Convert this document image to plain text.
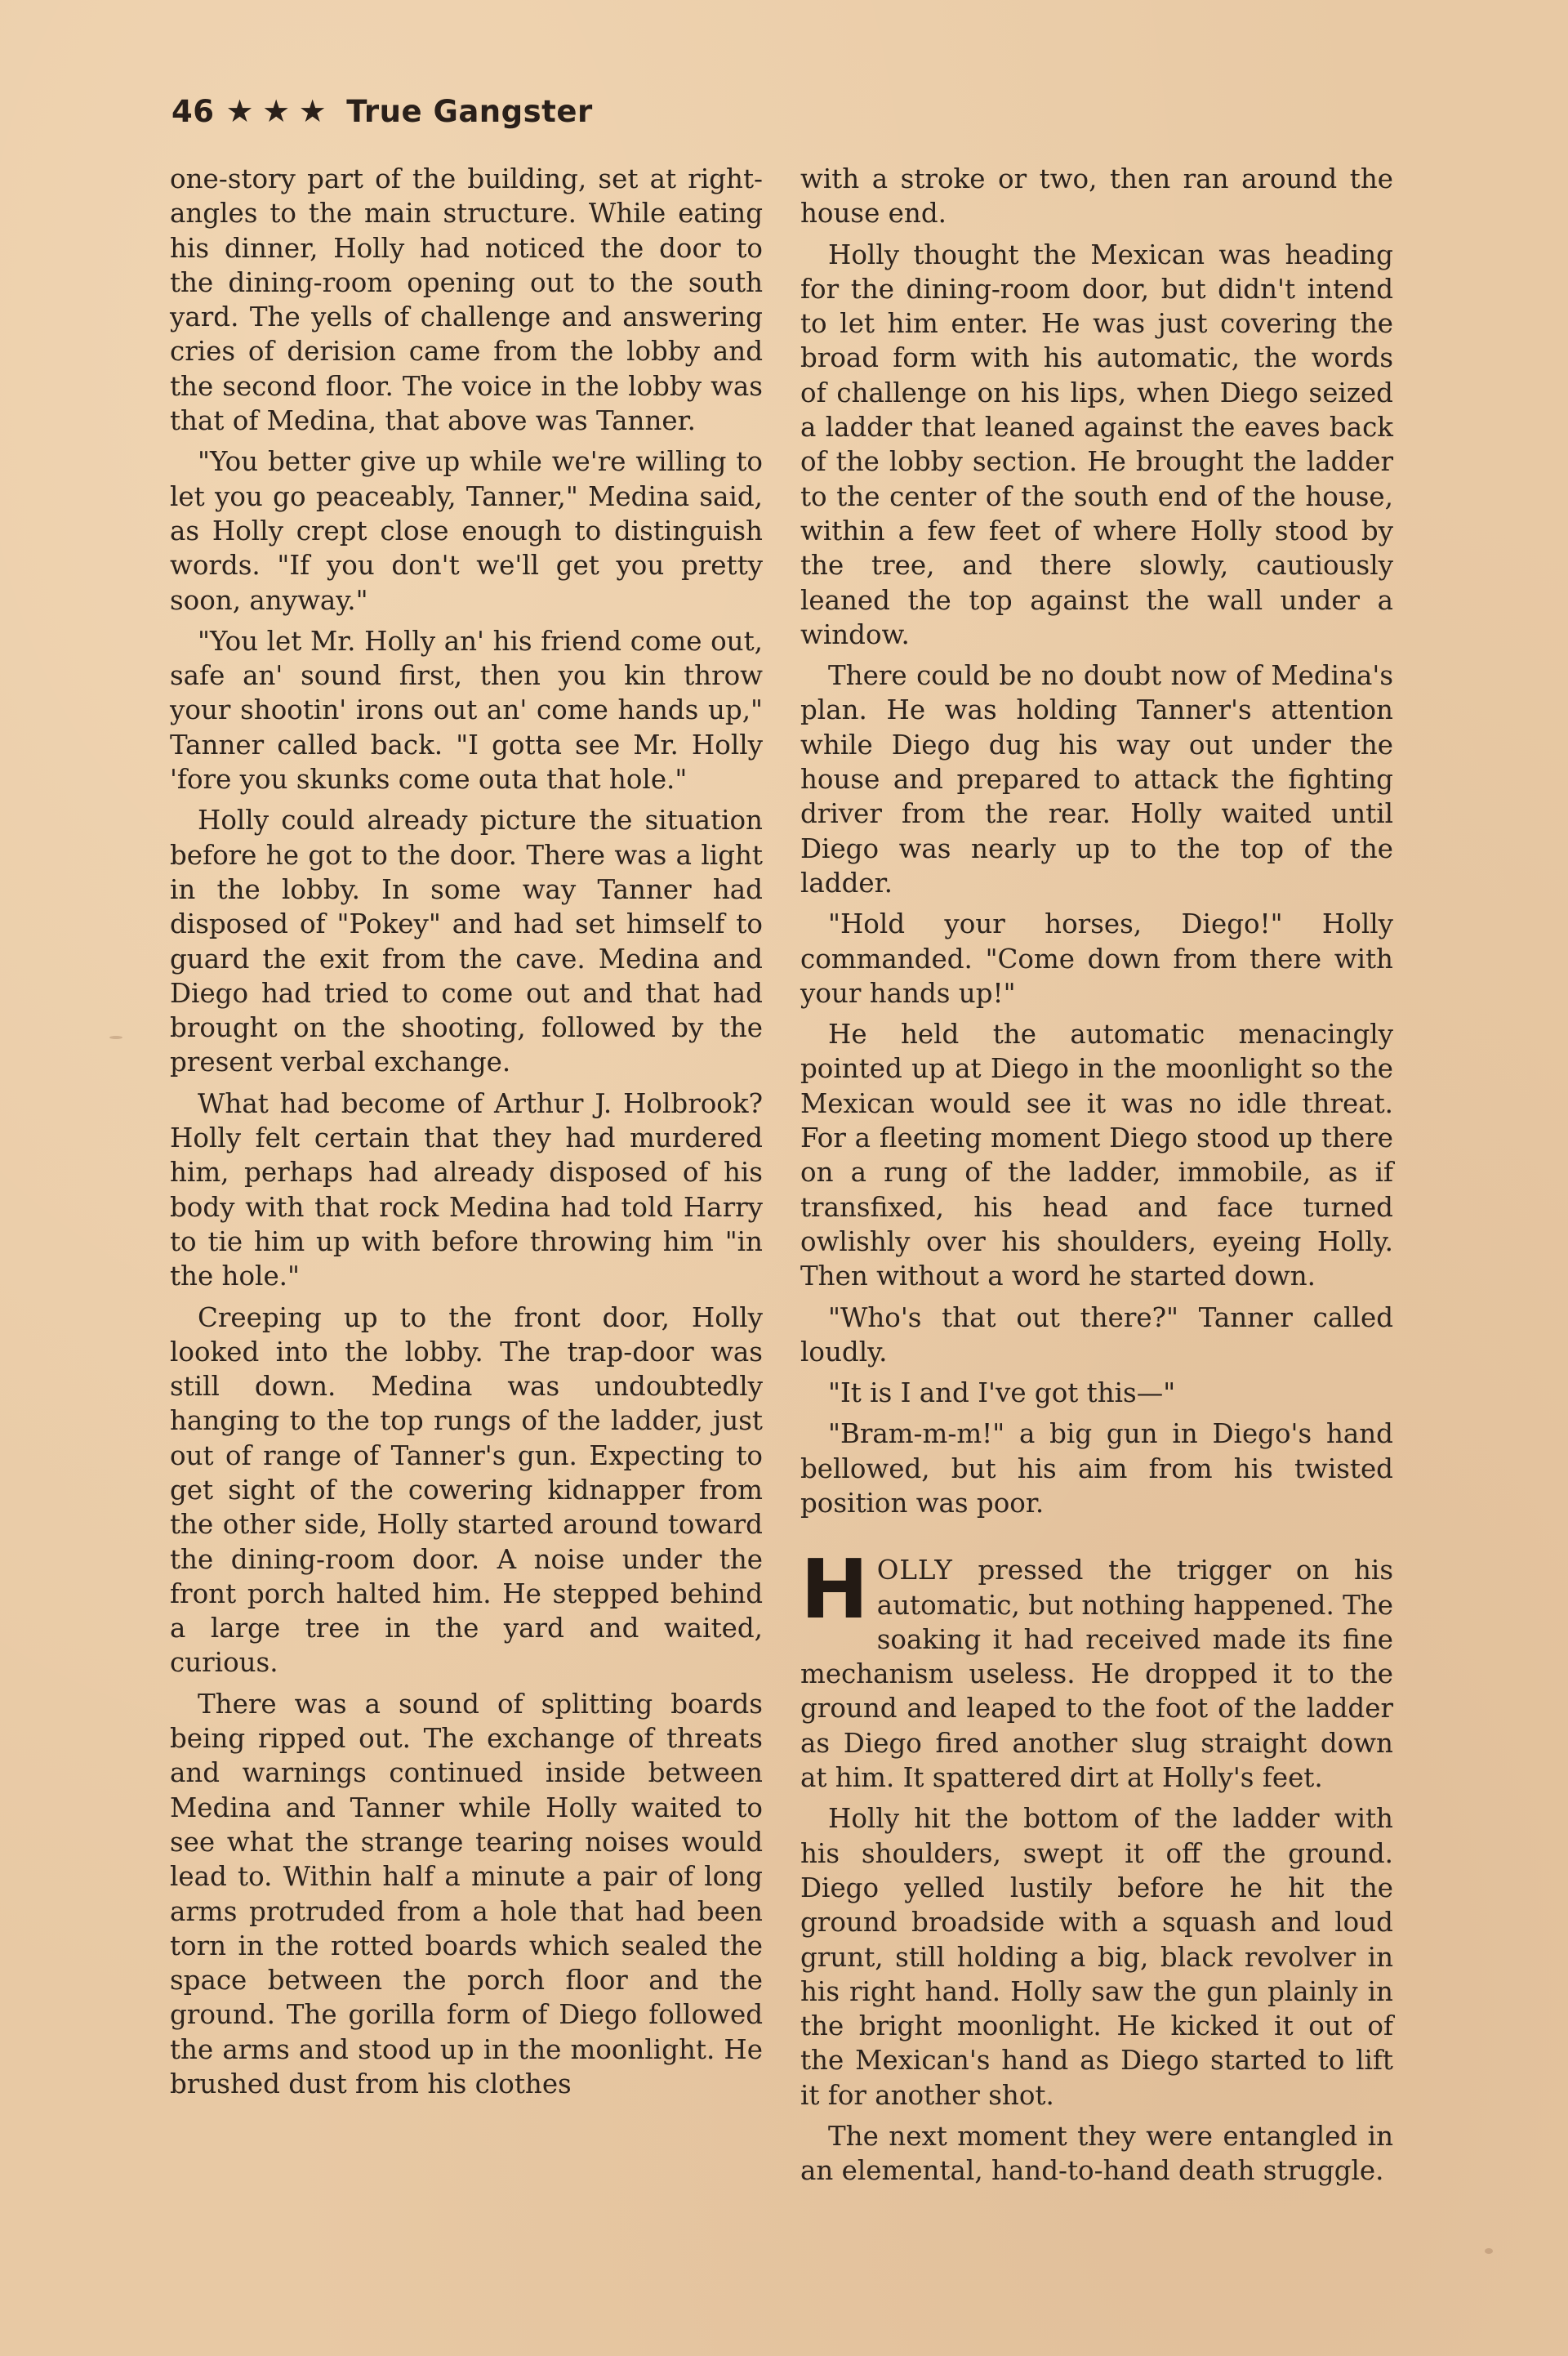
46 ★ ★ ★ True Gangster

one-story part of the building, set at right-angles to the main structure. While eating his dinner, Holly had noticed the door to the dining-room opening out to the south yard. The yells of challenge and answering cries of derision came from the lobby and the second floor. The voice in the lobby was that of Medina, that above was Tanner.

"You better give up while we're willing to let you go peaceably, Tanner," Medina said, as Holly crept close enough to distinguish words. "If you don't we'll get you pretty soon, anyway."

"You let Mr. Holly an' his friend come out, safe an' sound first, then you kin throw your shootin' irons out an' come hands up," Tanner called back. "I gotta see Mr. Holly 'fore you skunks come outa that hole."

Holly could already picture the situation before he got to the door. There was a light in the lobby. In some way Tanner had disposed of "Pokey" and had set himself to guard the exit from the cave. Medina and Diego had tried to come out and that had brought on the shooting, followed by the present verbal exchange.

What had become of Arthur J. Holbrook? Holly felt certain that they had murdered him, perhaps had already disposed of his body with that rock Medina had told Harry to tie him up with before throwing him "in the hole."

Creeping up to the front door, Holly looked into the lobby. The trap-door was still down. Medina was undoubtedly hanging to the top rungs of the ladder, just out of range of Tanner's gun. Expecting to get sight of the cowering kidnapper from the other side, Holly started around toward the dining-room door. A noise under the front porch halted him. He stepped behind a large tree in the yard and waited, curious.

There was a sound of splitting boards being ripped out. The exchange of threats and warnings continued inside between Medina and Tanner while Holly waited to see what the strange tearing noises would lead to. Within half a minute a pair of long arms protruded from a hole that had been torn in the rotted boards which sealed the space between the porch floor and the ground. The gorilla form of Diego followed the arms and stood up in the moonlight. He brushed dust from his clothes

with a stroke or two, then ran around the house end.

Holly thought the Mexican was heading for the dining-room door, but didn't intend to let him enter. He was just covering the broad form with his automatic, the words of challenge on his lips, when Diego seized a ladder that leaned against the eaves back of the lobby section. He brought the ladder to the center of the south end of the house, within a few feet of where Holly stood by the tree, and there slowly, cautiously leaned the top against the wall under a window.

There could be no doubt now of Medina's plan. He was holding Tanner's attention while Diego dug his way out under the house and prepared to attack the fighting driver from the rear. Holly waited until Diego was nearly up to the top of the ladder.

"Hold your horses, Diego!" Holly commanded. "Come down from there with your hands up!"

He held the automatic menacingly pointed up at Diego in the moonlight so the Mexican would see it was no idle threat. For a fleeting moment Diego stood up there on a rung of the ladder, immobile, as if transfixed, his head and face turned owlishly over his shoulders, eyeing Holly. Then without a word he started down.

"Who's that out there?" Tanner called loudly.

"It is I and I've got this—"

"Bram-m-m!" a big gun in Diego's hand bellowed, but his aim from his twisted position was poor.

HOLLY pressed the trigger on his automatic, but nothing happened. The soaking it had received made its fine mechanism useless. He dropped it to the ground and leaped to the foot of the ladder as Diego fired another slug straight down at him. It spattered dirt at Holly's feet.

Holly hit the bottom of the ladder with his shoulders, swept it off the ground. Diego yelled lustily before he hit the ground broadside with a squash and loud grunt, still holding a big, black revolver in his right hand. Holly saw the gun plainly in the bright moonlight. He kicked it out of the Mexican's hand as Diego started to lift it for another shot.

The next moment they were entangled in an elemental, hand-to-hand death struggle.
